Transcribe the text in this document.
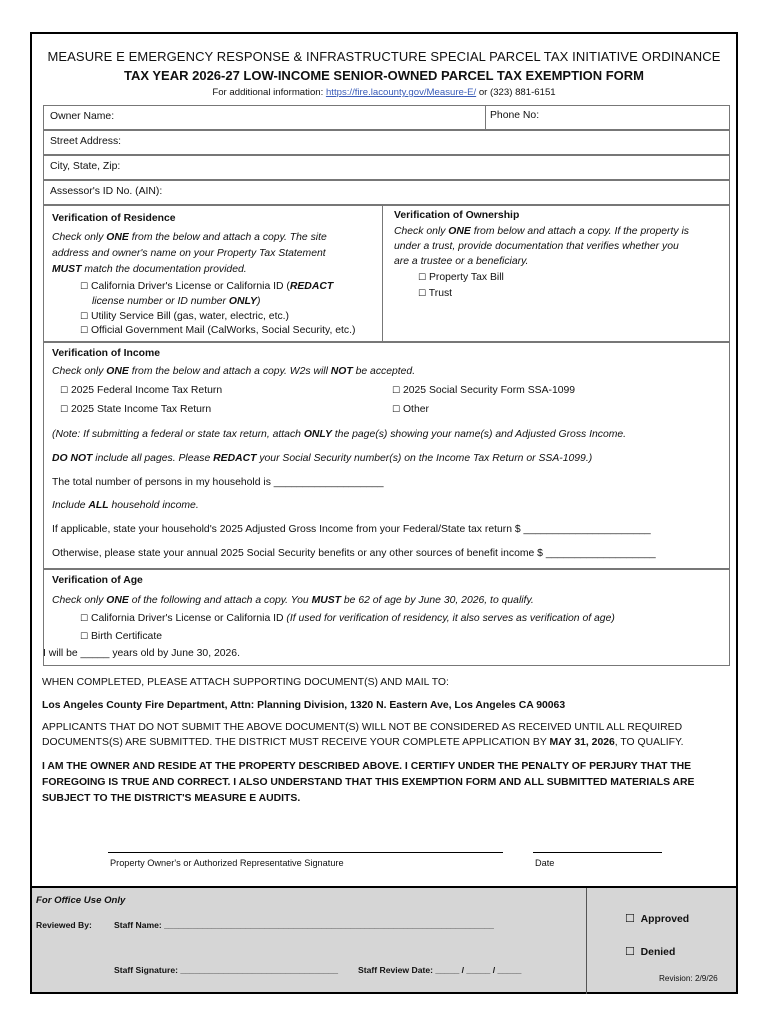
MEASURE E EMERGENCY RESPONSE & INFRASTRUCTURE SPECIAL PARCEL TAX INITIATIVE ORDINANCE
TAX YEAR 2026-27 LOW-INCOME SENIOR-OWNED PARCEL TAX EXEMPTION FORM
For additional information: https://fire.lacounty.gov/Measure-E/ or (323) 881-6151
Owner Name:	Phone No:
Street Address:
City, State, Zip:
Assessor's ID No. (AIN):
Verification of Residence
Check only ONE from the below and attach a copy. The site
address and owner's name on your Property Tax Statement
MUST match the documentation provided.
☐ California Driver's License or California ID (REDACT
license number or ID number ONLY)
☐ Utility Service Bill (gas, water, electric, etc.)
☐ Official Government Mail (CalWorks, Social Security, etc.)
Verification of Ownership
Check only ONE from below and attach a copy. If the property is
under a trust, provide documentation that verifies whether you
are a trustee or a beneficiary.
☐ Property Tax Bill
☐ Trust
Verification of Income
Check only ONE from the below and attach a copy. W2s will NOT be accepted.
☐ 2025 Federal Income Tax Return
☐ 2025 State Income Tax Return
☐ 2025 Social Security Form SSA-1099
☐ Other
(Note: If submitting a federal or state tax return, attach ONLY the page(s) showing your name(s) and Adjusted Gross Income.
DO NOT include all pages. Please REDACT your Social Security number(s) on the Income Tax Return or SSA-1099.)
The total number of persons in my household is ___________________
Include ALL household income.
If applicable, state your household's 2025 Adjusted Gross Income from your Federal/State tax return $ ______________________
Otherwise, please state your annual 2025 Social Security benefits or any other sources of benefit income $ ___________________
Verification of Age
Check only ONE of the following and attach a copy. You MUST be 62 of age by June 30, 2026, to qualify.
☐ California Driver's License or California ID (If used for verification of residency, it also serves as verification of age)
☐ Birth Certificate
I will be _____ years old by June 30, 2026.
WHEN COMPLETED, PLEASE ATTACH SUPPORTING DOCUMENT(S) AND MAIL TO:
Los Angeles County Fire Department, Attn: Planning Division, 1320 N. Eastern Ave, Los Angeles CA 90063
APPLICANTS THAT DO NOT SUBMIT THE ABOVE DOCUMENT(S) WILL NOT BE CONSIDERED AS RECEIVED UNTIL ALL REQUIRED
DOCUMENTS(S) ARE SUBMITTED. THE DISTRICT MUST RECEIVE YOUR COMPLETE APPLICATION BY MAY 31, 2026, TO QUALIFY.
I AM THE OWNER AND RESIDE AT THE PROPERTY DESCRIBED ABOVE. I CERTIFY UNDER THE PENALTY OF PERJURY THAT THE
FOREGOING IS TRUE AND CORRECT. I ALSO UNDERSTAND THAT THIS EXEMPTION FORM AND ALL SUBMITTED MATERIALS ARE
SUBJECT TO THE DISTRICT'S MEASURE E AUDITS.
Property Owner's or Authorized Representative Signature	Date
For Office Use Only
Reviewed By:	Staff Name: _____________________________________________________________________
Staff Signature: _________________________________ Staff Review Date: _____ / _____ / _____
☐ Approved
☐ Denied
Revision: 2/9/26
